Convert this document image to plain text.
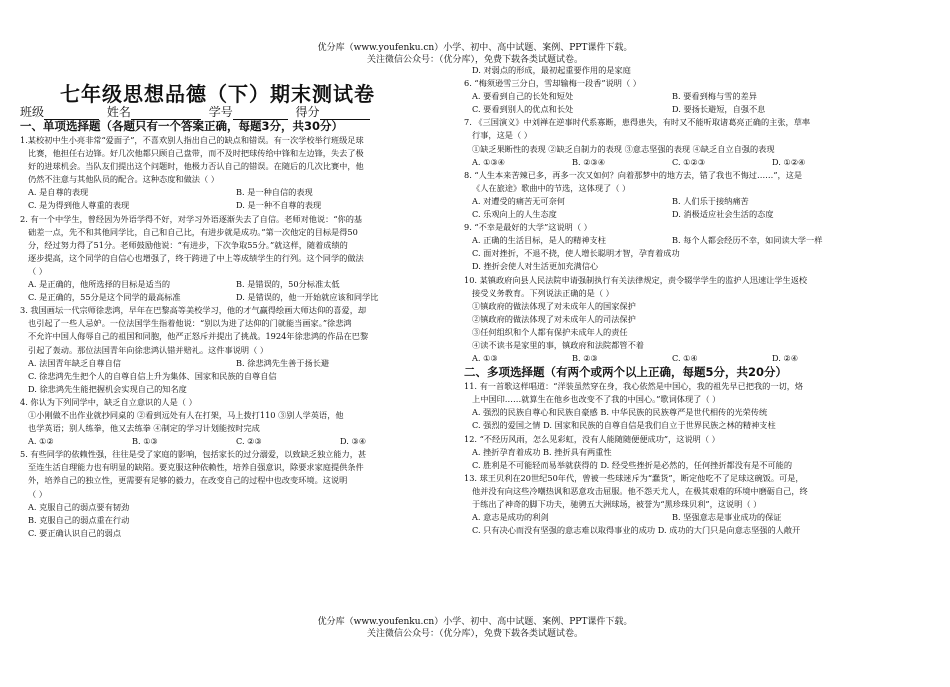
优分库（www.youfenku.cn）小学、初中、高中试题、案例、PPT课件下载。
关注微信公众号：（优分库），免费下载各类试题试卷。
七年级思想品德（下）期末测试卷
班级	姓名	学号	得分

一、单项选择题（各题只有一个答案正确，每题3分，共30分）

1.某校初中生小亮非常“爱面子”，不喜欢别人指出自己的缺点和错误。有一次学校举行班级足球

比赛，他担任右边锋。好几次他都只顾自己盘带，而不及时把球传给中锋和左边锋，失去了极

好的进球机会。当队友们提出这个问题时，他极力否认自己的错误。在随后的几次比赛中，他

仍然不注意与其他队员的配合。这种态度和做法（ ）

A. 是自尊的表现	B. 是一种自信的表现
C. 是为得到他人尊重的表现	D. 是一种不自尊的表现

2. 有一个中学生，曾经因为外语学得不好，对学习外语逐渐失去了自信。老师对他说：“你的基

础差一点，先不和其他同学比，自己和自己比，有进步就是成功。”第一次他定的目标是得50

分，经过努力得了51分。老师鼓励他说：“有进步，下次争取55分。”就这样，随着成绩的

逐步提高，这个同学的自信心也增强了，终于跨进了中上等成绩学生的行列。这个同学的做法

（ ）

A. 是正确的，他所选择的目标是适当的	B. 是错误的，50分标准太低
C. 是正确的，55分是这个同学的最高标准	D. 是错误的，他一开始就应该和同学比

3. 我国画坛一代宗师徐悲鸿，早年在巴黎高等美校学习，他的才气赢得绘画大师达仰的喜爱，却

也引起了一些人忌妒。一位法国学生指着他说：“别以为进了达仰的门就能当画家。”徐悲鸿

不允许中国人侮辱自己的祖国和同胞，他严正怒斥并提出了挑战。1924年徐悲鸿的作品在巴黎

引起了轰动。那位法国青年向徐悲鸿认错并赔礼。这件事说明（ ）

A. 法国青年缺乏自尊自信	B. 徐悲鸿先生善于扬长避

C. 徐悲鸿先生把个人的自尊自信上升为集体、国家和民族的自尊自信

D. 徐悲鸿先生能把握机会实现自己的知名度

4. 你认为下列同学中，缺乏自立意识的人是（ ）

①小刚做不出作业就抄同桌的 ②看到远处有人在打架，马上拨打110 ③别人学英语，他

也学英语；别人练拳，他又去练拳 ④制定的学习计划能按时完成

A. ①②	B. ①③	C. ②③	D. ③④

5. 有些同学的依赖性强，往往是受了家庭的影响，包括家长的过分溺爱，以致缺乏独立能力，甚

至连生活自理能力也有明显的缺陷。要克服这种依赖性，培养自强意识，除要求家庭提供条件

外，培养自己的独立性，更需要有足够的毅力，在改变自己的过程中也改变环境。这说明

（ ）

A. 克服自己的弱点要有韧劲

B. 克服自己的弱点重在行动

C. 要正确认识自己的弱点

D. 对弱点的形成，最初起重要作用的是家庭

6. “梅须逊雪三分白，雪却输梅一段香”说明（ ）

A. 要看到自己的长处和短处	B. 要看到梅与雪的差异
C. 要看到别人的优点和长处	D. 要扬长避短，自强不息

7. 《三国演义》中刘禅在逆事时代系寡断，患得患失，有时又不能听取诸葛亮正确的主张，草率

行事，这是（ ）

①缺乏果断性的表现 ②缺乏自制力的表现 ③意志坚强的表现 ④缺乏自立自强的表现

A. ①③④	B. ②③④	C. ①②③	D. ①②④

8. “人生本来苦辣已多，再多一次又如何？向着那梦中的地方去，错了我也不悔过……”，这是

《人在旅途》歌曲中的节选，这体现了（ ）

A. 对遭受的痛苦无可奈何	B. 人们乐于接纳痛苦
C. 乐观向上的人生态度	D. 消极适应社会生活的态度

9. “不幸是最好的大学”这说明（ ）

A. 正确的生活目标，是人的精神支柱	B. 每个人都会经历不幸，如同读大学一样

C. 面对挫折，不退不挠，使人增长聪明才智，孕育着成功

D. 挫折会使人对生活更加充满信心

10. 某镇政府向县人民法院申请强制执行有关法律规定，责令辍学学生的监护人迅速让学生返校

接受义务教育。下列说法正确的是（ ）

①镇政府的做法体现了对未成年人的国家保护

②镇政府的做法体现了对未成年人的司法保护

③任何组织和个人都有保护未成年人的责任

④读不读书是家里的事，镇政府和法院都管不着

A. ①③	B. ②③	C. ①④	D. ②④

二、多项选择题（有两个或两个以上正确，每题5分，共20分）

11. 有一首歌这样唱道：“洋装虽然穿在身，我心依然是中国心，我的祖先早已把我的一切，烙

上中国印……就算生在他乡也改变不了我的中国心。”歌词体现了（ ）

A. 强烈的民族自尊心和民族自豪感 B. 中华民族的民族尊严是世代相传的光荣传统

C. 强烈的爱国之情 D. 国家和民族的自尊自信是我们自立于世界民族之林的精神支柱

12. “不经历风雨，怎么见彩虹，没有人能随随便便成功”，这说明（ ）

A. 挫折孕育着成功 B. 挫折具有两重性

C. 胜利是不可能轻而易举就获得的 D. 经受些挫折是必然的，任何挫折都没有是不可能的

13. 球王贝利在20世纪50年代，曾被一些球迷斥为“蠢货”，断定他吃不了足球这碗饭。可是，

他并没有向这些冷嘲热讽和恶意攻击屈服。他不怨天尤人，在极其艰难的环境中磨砺自己，终

于练出了神奇的脚下功夫，驰骋五大洲球场，被誉为“黑珍珠贝利”，这说明（ ）

A. 意志是成功的利剑	B. 坚强意志是事业成功的保证

C. 只有决心而没有坚强的意志难以取得事业的成功 D. 成功的大门只是向意志坚强的人敞开

优分库（www.youfenku.cn）小学、初中、高中试题、案例、PPT课件下载。
关注微信公众号：（优分库），免费下载各类试题试卷。
